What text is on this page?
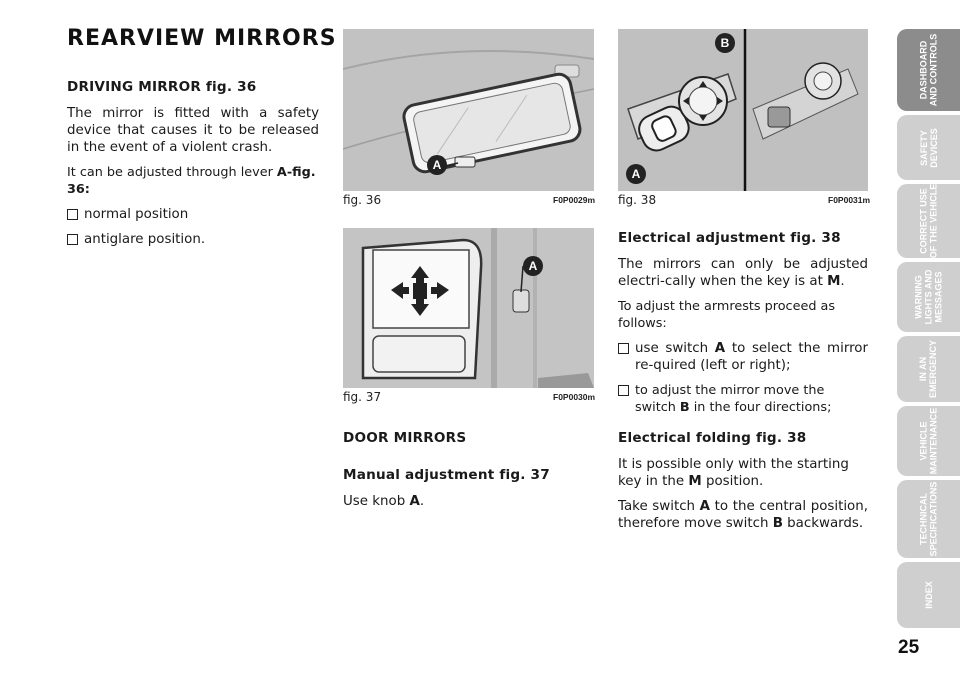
REARVIEW MIRRORS
DRIVING MIRROR fig. 36

The mirror is fitted with a safety device that causes it to be released in the event of a violent crash.

It can be adjusted through lever A-fig. 36:

normal position
antiglare position.
A
fig. 36	F0P0029m
A
fig. 37	F0P0030m
DOOR MIRRORS
Manual adjustment fig. 37

Use knob A.

B
A
fig. 38	F0P0031m
Electrical adjustment fig. 38

The mirrors can only be adjusted electri-cally when the key is at M.

To adjust the armrests proceed as follows:

use switch A to select the mirror re-quired (left or right);
to adjust the mirror move the switch B in the four directions;
Electrical folding fig. 38

It is possible only with the starting key in the M position.

Take switch A to the central position, therefore move switch B backwards.

DASHBOARD
AND CONTROLS
SAFETY
DEVICES
CORRECT USE
OF THE VEHICLE
WARNING
LIGHTS AND
MESSAGES
IN AN
EMERGENCY
VEHICLE
MAINTENANCE
TECHNICAL
SPECIFICATIONS
INDEX
25
